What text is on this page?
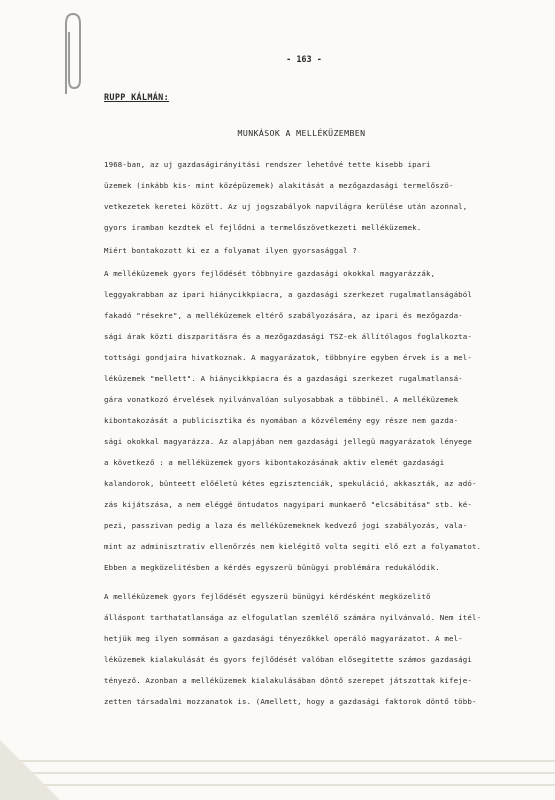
- 163 -
RUPP KÁLMÁN:
MUNKÁSOK A MELLÉKÜZEMBEN
1968-ban, az uj gazdaságirányitási rendszer lehetővé tette kisebb ipari
üzemek (inkább kis- mint középüzemek) alakitását a mezőgazdasági termelőszö-
vetkezetek keretei között. Az uj jogszabályok napvilágra kerülése után azonnal,
gyors iramban kezdtek el fejlődni a termelőszövetkezeti melléküzemek.
Miért bontakozott ki ez a folyamat ilyen gyorsasággal ?
A melléküzemek gyors fejlődését többnyire gazdasági okokkal magyarázzák,
leggyakrabban az ipari hiánycikkpiacra, a gazdasági szerkezet rugalmatlanságából
fakadó "résekre", a melléküzemek eltérő szabályozására, az ipari és mezőgazda-
sági árak közti diszparitásra és a mezőgazdasági TSZ-ek állítólagos foglalkozta-
tottsági gondjaira hivatkoznak. A magyarázatok, többnyire egyben érvek is a mel-
léküzemek "mellett". A hiánycikkpiacra és a gazdasági szerkezet rugalmatlansá-
gára vonatkozó érvelések nyilvánvalóan sulyosabbak a többinél. A melléküzemek
kibontakozását a publicisztika és nyomában a közvélemény egy része nem gazda-
sági okokkal magyarázza. Az alapjában nem gazdasági jellegü magyarázatok lényege
a következő : a melléküzemek gyors kibontakozásának aktiv elemét gazdasági
kalandorok, bünteett előéletü kétes egzisztenciák, spekuláció, akkaszták, az adó-
zás kijátszása, a nem eléggé öntudatos nagyipari munkaerő "elcsábitása" stb. ké-
pezi, passzivan pedig a laza és melléküzemeknek kedvező jogi szabályozás, vala-
mint az adminisztrativ ellenőrzés nem kielégitő volta segiti elő ezt a folyamatot.
Ebben a megközelitésben a kérdés egyszerü bünügyi problémára redukálódik.
A melléküzemek gyors fejlődését egyszerü bünügyi kérdésként megközelitő
álláspont tarthatatlansága az elfogulatlan szemlélő számára nyilvánvaló. Nem ítél-
hetjük meg ilyen sommásan a gazdasági tényezőkkel operáló magyarázatot. A mel-
léküzemek kialakulását és gyors fejlődését valóban elősegitette számos gazdasági
tényező. Azonban a melléküzemek kialakulásában döntő szerepet játszottak kifeje-
zetten társadalmi mozzanatok is. (Amellett, hogy a gazdasági faktorok döntő több-
